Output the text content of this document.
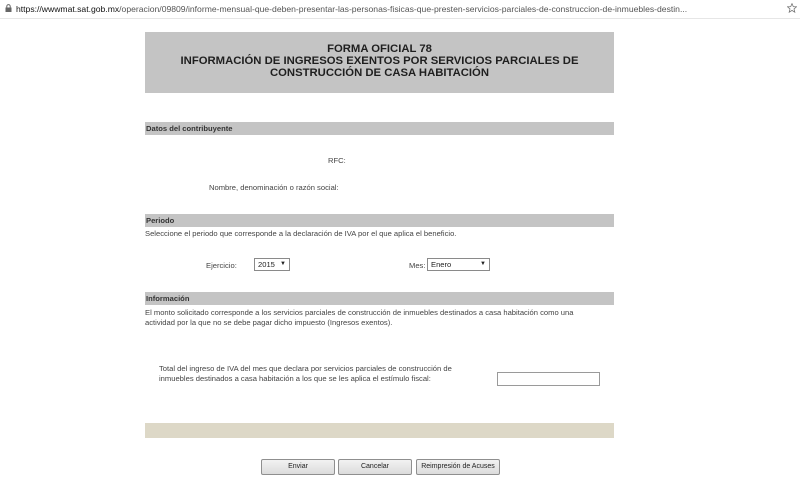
https://wwwmat.sat.gob.mx/operacion/09809/informe-mensual-que-deben-presentar-las-personas-fisicas-que-presten-servicios-parciales-de-construccion-de-inmuebles-destin...
FORMA OFICIAL 78
INFORMACIÓN DE INGRESOS EXENTOS POR SERVICIOS PARCIALES DE
CONSTRUCCIÓN DE CASA HABITACIÓN
Datos del contribuyente
RFC:
Nombre, denominación o razón social:
Periodo
Seleccione el periodo que corresponde a la declaración de IVA por el que aplica el beneficio.
Ejercicio:	2015 ▼	Mes: Enero	▼
Información
El monto solicitado corresponde a los servicios parciales de construcción de inmuebles destinados a casa habitación como una
actividad por la que no se debe pagar dicho impuesto (Ingresos exentos).
Total del ingreso de IVA del mes que declara por servicios parciales de construcción de
inmuebles destinados a casa habitación a los que se les aplica el estímulo fiscal:
Enviar	Cancelar	Reimpresión de Acuses
